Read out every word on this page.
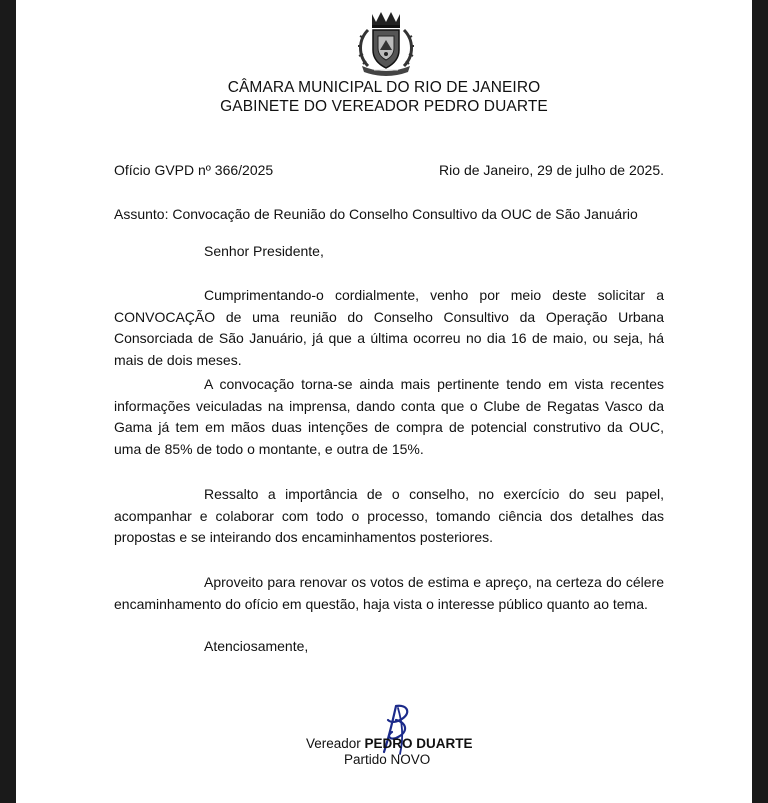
CÂMARA MUNICIPAL DO RIO DE JANEIRO
GABINETE DO VEREADOR PEDRO DUARTE
Ofício GVPD nº 366/2025	Rio de Janeiro, 29 de julho de 2025.
Assunto: Convocação de Reunião do Conselho Consultivo da OUC de São Januário
Senhor Presidente,
Cumprimentando-o cordialmente, venho por meio deste solicitar a CONVOCAÇÃO de uma reunião do Conselho Consultivo da Operação Urbana Consorciada de São Januário, já que a última ocorreu no dia 16 de maio, ou seja, há mais de dois meses.
A convocação torna-se ainda mais pertinente tendo em vista recentes informações veiculadas na imprensa, dando conta que o Clube de Regatas Vasco da Gama já tem em mãos duas intenções de compra de potencial construtivo da OUC, uma de 85% de todo o montante, e outra de 15%.
Ressalto a importância de o conselho, no exercício do seu papel, acompanhar e colaborar com todo o processo, tomando ciência dos detalhes das propostas e se inteirando dos encaminhamentos posteriores.
Aproveito para renovar os votos de estima e apreço, na certeza do célere encaminhamento do ofício em questão, haja vista o interesse público quanto ao tema.
Atenciosamente,
Vereador PEDRO DUARTE
Partido NOVO
